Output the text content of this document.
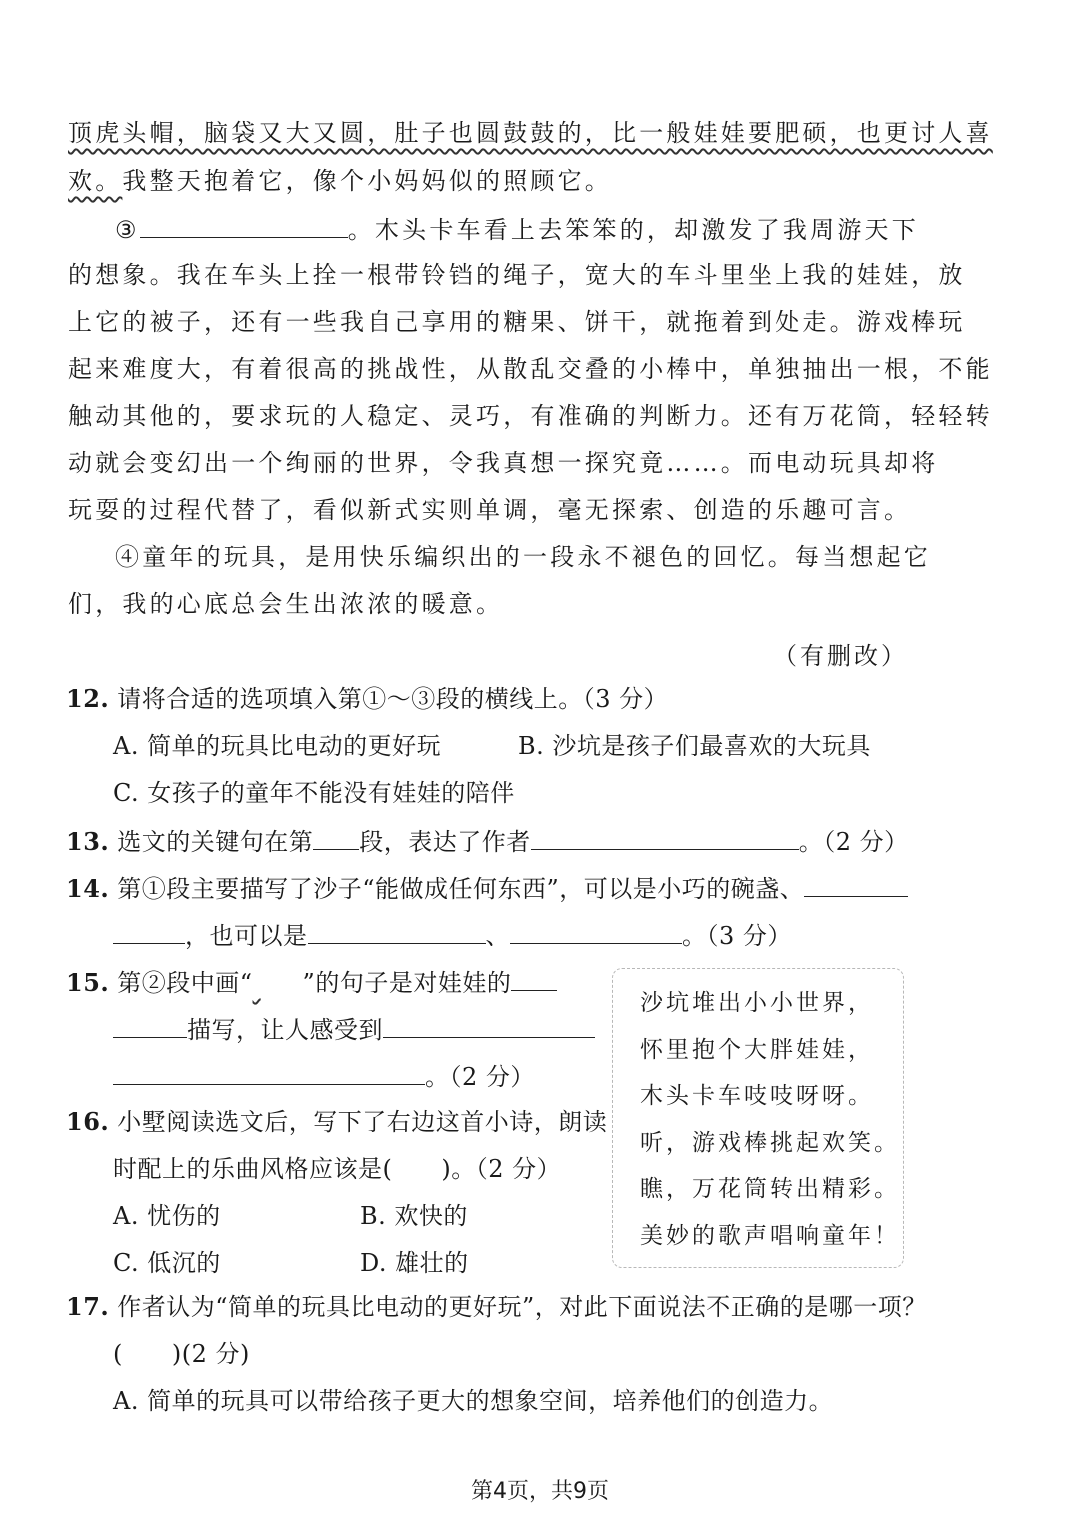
顶虎头帽，脑袋又大又圆，肚子也圆鼓鼓的，比一般娃娃要肥硕，也更讨人喜
欢。我整天抱着它，像个小妈妈似的照顾它。
③	。木头卡车看上去笨笨的，却激发了我周游天下
的想象。我在车头上拴一根带铃铛的绳子，宽大的车斗里坐上我的娃娃，放
上它的被子，还有一些我自己享用的糖果、饼干，就拖着到处走。游戏棒玩
起来难度大，有着很高的挑战性，从散乱交叠的小棒中，单独抽出一根，不能
触动其他的，要求玩的人稳定、灵巧，有准确的判断力。还有万花筒，轻轻转
动就会变幻出一个绚丽的世界，令我真想一探究竟……。而电动玩具却将
玩耍的过程代替了，看似新式实则单调，毫无探索、创造的乐趣可言。
④童年的玩具，是用快乐编织出的一段永不褪色的回忆。每当想起它
们，我的心底总会生出浓浓的暖意。
（有删改）
12. 请将合适的选项填入第①～③段的横线上。（3 分）
A. 简单的玩具比电动的更好玩	B. 沙坑是孩子们最喜欢的大玩具
C. 女孩子的童年不能没有娃娃的陪伴
13. 选文的关键句在第 段，表达了作者	。（2 分）
14. 第①段主要描写了沙子“能做成任何东西”，可以是小巧的碗盏、
，也可以是	、	。（3 分）
15. 第②段中画“ ”的句子是对娃娃的
描写，让人感受到
。（2 分）
16. 小墅阅读选文后，写下了右边这首小诗，朗读
时配上的乐曲风格应该是(　　)。（2 分）
A. 忧伤的	B. 欢快的
C. 低沉的	D. 雄壮的
沙坑堆出小小世界，
怀里抱个大胖娃娃，
木头卡车吱吱呀呀。
听，游戏棒挑起欢笑。
瞧，万花筒转出精彩。
美妙的歌声唱响童年！
17. 作者认为“简单的玩具比电动的更好玩”，对此下面说法不正确的是哪一项？
(　　)(2 分)
A. 简单的玩具可以带给孩子更大的想象空间，培养他们的创造力。
第4页，共9页
